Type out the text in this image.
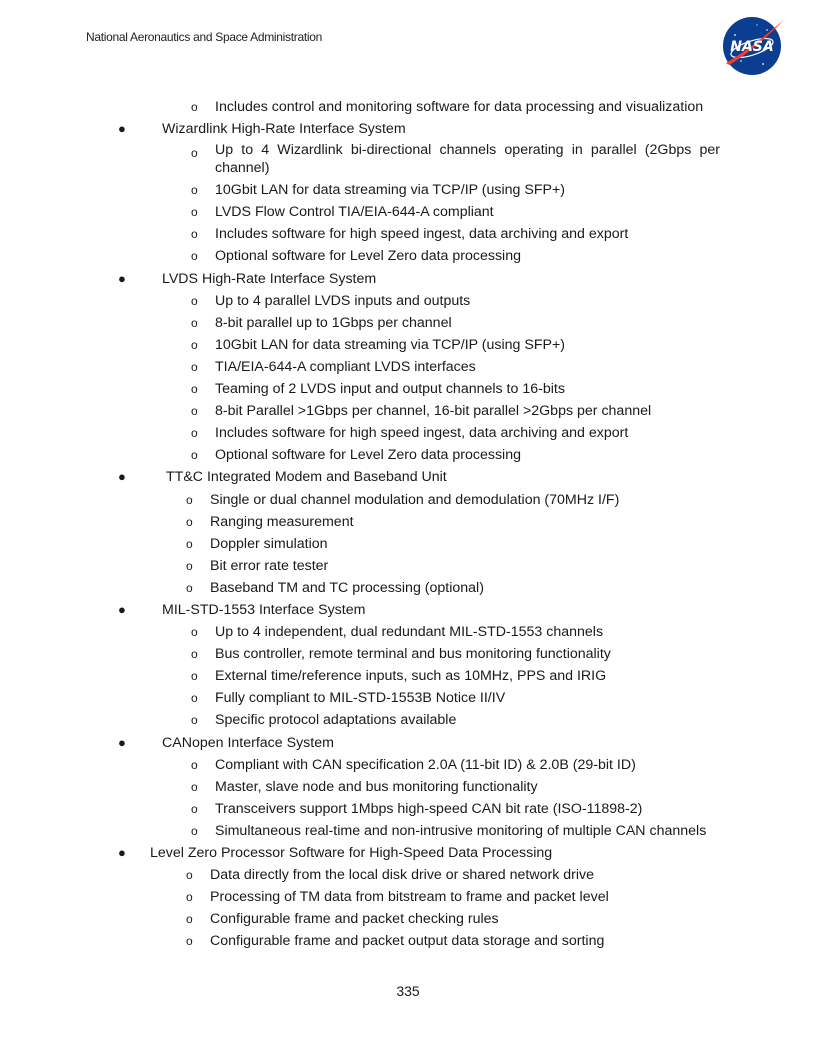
National Aeronautics and Space Administration
NASA
o Includes control and monitoring software for data processing and visualization
●	Wizardlink High-Rate Interface System
o Up to 4 Wizardlink bi-directional channels operating in parallel (2Gbps per channel)
o 10Gbit LAN for data streaming via TCP/IP (using SFP+)
o LVDS Flow Control TIA/EIA-644-A compliant
o Includes software for high speed ingest, data archiving and export
o Optional software for Level Zero data processing
●	LVDS High-Rate Interface System
o Up to 4 parallel LVDS inputs and outputs
o 8-bit parallel up to 1Gbps per channel
o 10Gbit LAN for data streaming via TCP/IP (using SFP+)
o TIA/EIA-644-A compliant LVDS interfaces
o Teaming of 2 LVDS input and output channels to 16-bits
o 8-bit Parallel >1Gbps per channel, 16-bit parallel >2Gbps per channel
o Includes software for high speed ingest, data archiving and export
o Optional software for Level Zero data processing
●	TT&C Integrated Modem and Baseband Unit
o Single or dual channel modulation and demodulation (70MHz I/F)
o Ranging measurement
o Doppler simulation
o Bit error rate tester
o Baseband TM and TC processing (optional)
●	MIL-STD-1553 Interface System
o Up to 4 independent, dual redundant MIL-STD-1553 channels
o Bus controller, remote terminal and bus monitoring functionality
o External time/reference inputs, such as 10MHz, PPS and IRIG
o Fully compliant to MIL-STD-1553B Notice II/IV
o Specific protocol adaptations available
●	CANopen Interface System
o Compliant with CAN specification 2.0A (11-bit ID) & 2.0B (29-bit ID)
o Master, slave node and bus monitoring functionality
o Transceivers support 1Mbps high-speed CAN bit rate (ISO-11898-2)
o Simultaneous real-time and non-intrusive monitoring of multiple CAN channels
● Level Zero Processor Software for High-Speed Data Processing
o Data directly from the local disk drive or shared network drive
o Processing of TM data from bitstream to frame and packet level
o Configurable frame and packet checking rules
o Configurable frame and packet output data storage and sorting
335
